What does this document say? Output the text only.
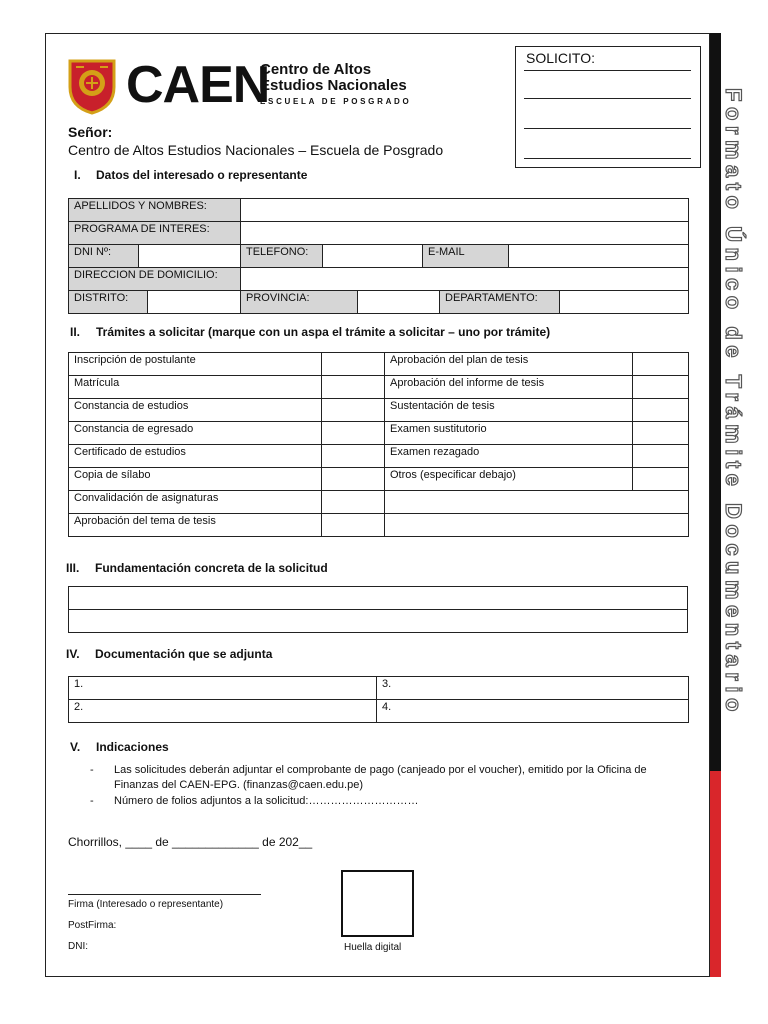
Formato Único de Trámite Documentario
CAEN
Centro de Altos
Estudios Nacionales
ESCUELA DE POSGRADO
SOLICITO:
Señor:
Centro de Altos Estudios Nacionales – Escuela de Posgrado
I. Datos del interesado o representante
APELLIDOS Y NOMBRES:					
PROGRAMA DE INTERES:					
DNI Nº:		TELEFONO:		E-MAIL	
DIRECCION DE DOMICILIO:					
DISTRITO:		PROVINCIA:		DEPARTAMENTO:	
II. Trámites a solicitar (marque con un aspa el trámite a solicitar – uno por trámite)
Inscripción de postulante		Aprobación del plan de tesis	
Matrícula		Aprobación del informe de tesis	
Constancia de estudios		Sustentación de tesis	
Constancia de egresado		Examen sustitutorio	
Certificado de estudios		Examen rezagado	
Copia de sílabo		Otros (especificar debajo)	
Convalidación de asignaturas			
Aprobación del tema de tesis			
III. Fundamentación concreta de la solicitud

IV. Documentación que se adjunta
1.	3.
2.	4.
V. Indicaciones
- Las solicitudes deberán adjuntar el comprobante de pago (canjeado por el voucher), emitido por la Oficina de
Finanzas del CAEN-EPG. (finanzas@caen.edu.pe)
- Número de folios adjuntos a la solicitud:…………………………
Chorrillos, ____ de _____________ de 202__
Firma (Interesado o representante)
PostFirma:
DNI:	Huella digital
